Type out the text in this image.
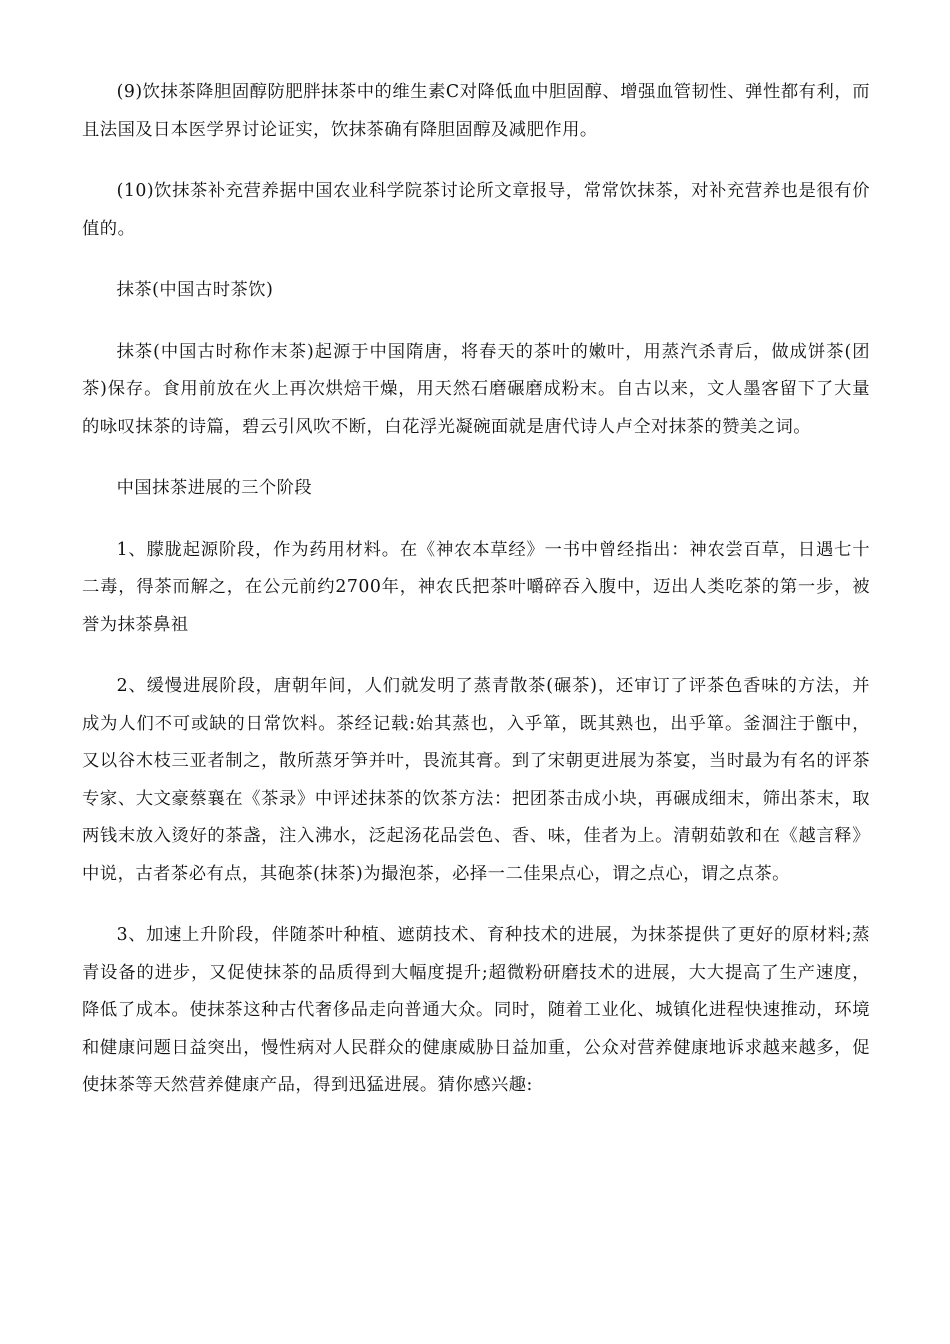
(9)饮抹茶降胆固醇防肥胖抹茶中的维生素C对降低血中胆固醇、增强血管韧性、弹性都有利，而且法国及日本医学界讨论证实，饮抹茶确有降胆固醇及减肥作用。

(10)饮抹茶补充营养据中国农业科学院茶讨论所文章报导，常常饮抹茶，对补充营养也是很有价值的。

抹茶(中国古时茶饮)

抹茶(中国古时称作末茶)起源于中国隋唐，将春天的茶叶的嫩叶，用蒸汽杀青后，做成饼茶(团茶)保存。食用前放在火上再次烘焙干燥，用天然石磨碾磨成粉末。自古以来，文人墨客留下了大量的咏叹抹茶的诗篇，碧云引风吹不断，白花浮光凝碗面就是唐代诗人卢仝对抹茶的赞美之词。

中国抹茶进展的三个阶段

1、朦胧起源阶段，作为药用材料。在《神农本草经》一书中曾经指出：神农尝百草，日遇七十二毒，得茶而解之，在公元前约2700年，神农氏把茶叶嚼碎吞入腹中，迈出人类吃茶的第一步，被誉为抹茶鼻祖

2、缓慢进展阶段，唐朝年间，人们就发明了蒸青散茶(碾茶)，还审订了评茶色香味的方法，并成为人们不可或缺的日常饮料。茶经记载:始其蒸也，入乎箪，既其熟也，出乎箪。釜涸注于甑中，又以谷木枝三亚者制之，散所蒸牙笋并叶，畏流其膏。到了宋朝更进展为茶宴，当时最为有名的评茶专家、大文豪蔡襄在《茶录》中评述抹茶的饮茶方法：把团茶击成小块，再碾成细末，筛出茶末，取两钱末放入烫好的茶盏，注入沸水，泛起汤花品尝色、香、味，佳者为上。清朝茹敦和在《越言释》中说，古者茶必有点，其砲茶(抹茶)为撮泡茶，必择一二佳果点心，谓之点心，谓之点茶。

3、加速上升阶段，伴随茶叶种植、遮荫技术、育种技术的进展，为抹茶提供了更好的原材料;蒸青设备的进步，又促使抹茶的品质得到大幅度提升;超微粉研磨技术的进展，大大提高了生产速度，降低了成本。使抹茶这种古代奢侈品走向普通大众。同时，随着工业化、城镇化进程快速推动，环境和健康问题日益突出，慢性病对人民群众的健康威胁日益加重，公众对营养健康地诉求越来越多，促使抹茶等天然营养健康产品，得到迅猛进展。猜你感兴趣:
